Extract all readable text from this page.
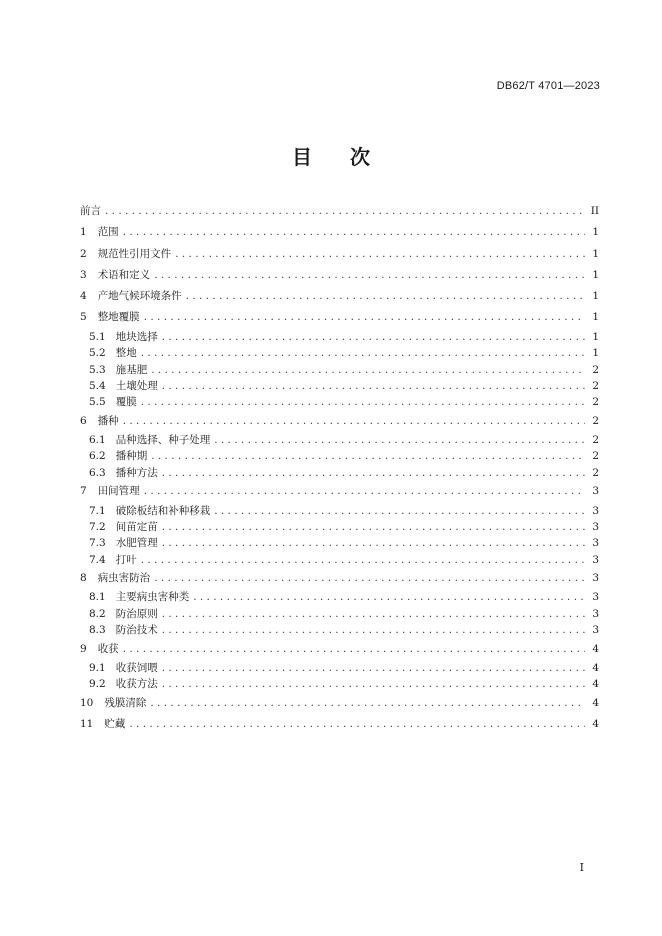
DB62/T 4701—2023
目 次
前言 . . .	II
1 范围 . . .	1
2 规范性引用文件 . . .	1
3 术语和定义 . . .	1
4 产地气候环境条件 . . .	1
5 整地覆膜 . . .	1
5.1 地块选择 . . .	1
5.2 整地 . . .	1
5.3 施基肥 . . .	2
5.4 土壤处理 . . .	2
5.5 覆膜 . . .	2
6 播种 . . .	2
6.1 品种选择、种子处理 . . .	2
6.2 播种期 . . .	2
6.3 播种方法 . . .	2
7 田间管理 . . .	3
7.1 破除板结和补种移栽 . . .	3
7.2 间苗定苗 . . .	3
7.3 水肥管理 . . .	3
7.4 打叶 . . .	3
8 病虫害防治 . . .	3
8.1 主要病虫害种类 . . .	3
8.2 防治原则 . . .	3
8.3 防治技术 . . .	3
9 收获 . . .	4
9.1 收获饲喂 . . .	4
9.2 收获方法 . . .	4
10 残膜清除 . . .	4
11 贮藏 . . .	4
I
